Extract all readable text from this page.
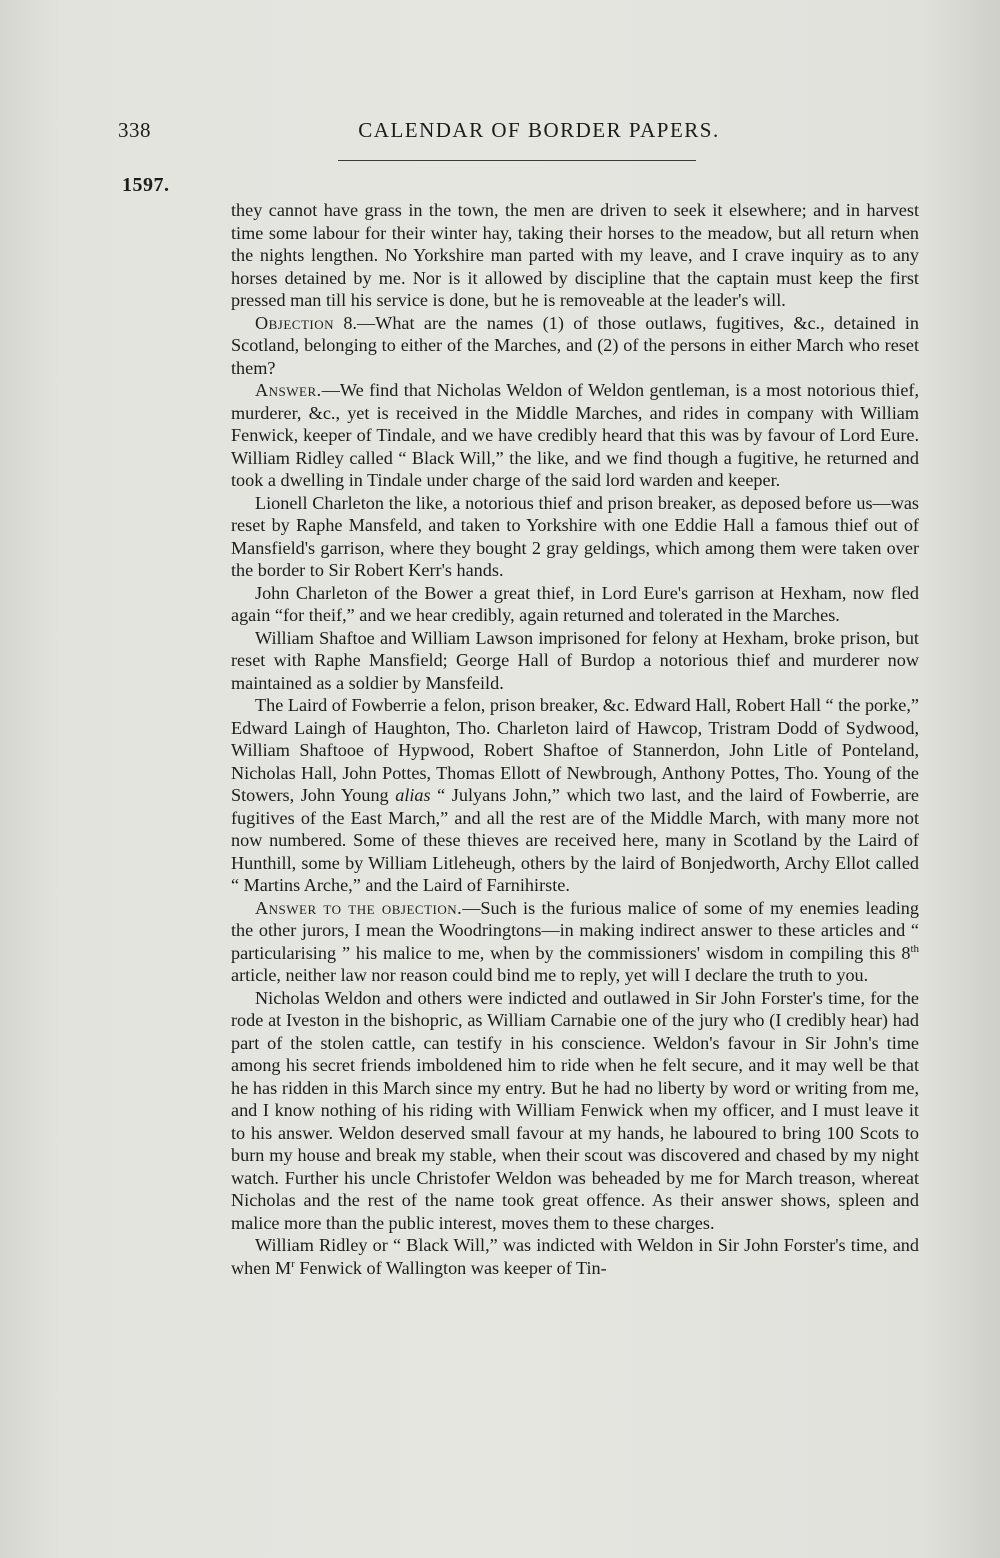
338	CALENDAR OF BORDER PAPERS.
1597.

they cannot have grass in the town, the men are driven to seek it elsewhere; and in harvest time some labour for their winter hay, taking their horses to the meadow, but all return when the nights lengthen. No Yorkshire man parted with my leave, and I crave inquiry as to any horses detained by me. Nor is it allowed by discipline that the captain must keep the first pressed man till his service is done, but he is removeable at the leader's will.

Objection 8.—What are the names (1) of those outlaws, fugitives, &c., detained in Scotland, belonging to either of the Marches, and (2) of the persons in either March who reset them?

Answer.—We find that Nicholas Weldon of Weldon gentleman, is a most notorious thief, murderer, &c., yet is received in the Middle Marches, and rides in company with William Fenwick, keeper of Tindale, and we have credibly heard that this was by favour of Lord Eure. William Ridley called “ Black Will,” the like, and we find though a fugitive, he returned and took a dwelling in Tindale under charge of the said lord warden and keeper.

Lionell Charleton the like, a notorious thief and prison breaker, as deposed before us—was reset by Raphe Mansfeld, and taken to Yorkshire with one Eddie Hall a famous thief out of Mansfield's garrison, where they bought 2 gray geldings, which among them were taken over the border to Sir Robert Kerr's hands.

John Charleton of the Bower a great thief, in Lord Eure's garrison at Hexham, now fled again “for theif,” and we hear credibly, again returned and tolerated in the Marches.

William Shaftoe and William Lawson imprisoned for felony at Hexham, broke prison, but reset with Raphe Mansfield; George Hall of Burdop a notorious thief and murderer now maintained as a soldier by Mansfeild.

The Laird of Fowberrie a felon, prison breaker, &c. Edward Hall, Robert Hall “ the porke,” Edward Laingh of Haughton, Tho. Charleton laird of Hawcop, Tristram Dodd of Sydwood, William Shaftooe of Hypwood, Robert Shaftoe of Stannerdon, John Litle of Ponteland, Nicholas Hall, John Pottes, Thomas Ellott of Newbrough, Anthony Pottes, Tho. Young of the Stowers, John Young alias “ Julyans John,” which two last, and the laird of Fowberrie, are fugitives of the East March,” and all the rest are of the Middle March, with many more not now numbered. Some of these thieves are received here, many in Scotland by the Laird of Hunthill, some by William Litleheugh, others by the laird of Bonjedworth, Archy Ellot called “ Martins Arche,” and the Laird of Farnihirste.

Answer to the objection.—Such is the furious malice of some of my enemies leading the other jurors, I mean the Woodringtons—in making indirect answer to these articles and “ particularising ” his malice to me, when by the commissioners' wisdom in compiling this 8th article, neither law nor reason could bind me to reply, yet will I declare the truth to you.

Nicholas Weldon and others were indicted and outlawed in Sir John Forster's time, for the rode at Iveston in the bishopric, as William Carnabie one of the jury who (I credibly hear) had part of the stolen cattle, can testify in his conscience. Weldon's favour in Sir John's time among his secret friends imboldened him to ride when he felt secure, and it may well be that he has ridden in this March since my entry. But he had no liberty by word or writing from me, and I know nothing of his riding with William Fenwick when my officer, and I must leave it to his answer. Weldon deserved small favour at my hands, he laboured to bring 100 Scots to burn my house and break my stable, when their scout was discovered and chased by my night watch. Further his uncle Christofer Weldon was beheaded by me for March treason, whereat Nicholas and the rest of the name took great offence. As their answer shows, spleen and malice more than the public interest, moves them to these charges.

William Ridley or “ Black Will,” was indicted with Weldon in Sir John Forster's time, and when $M^r$ Fenwick of Wallington was keeper of Tin-
